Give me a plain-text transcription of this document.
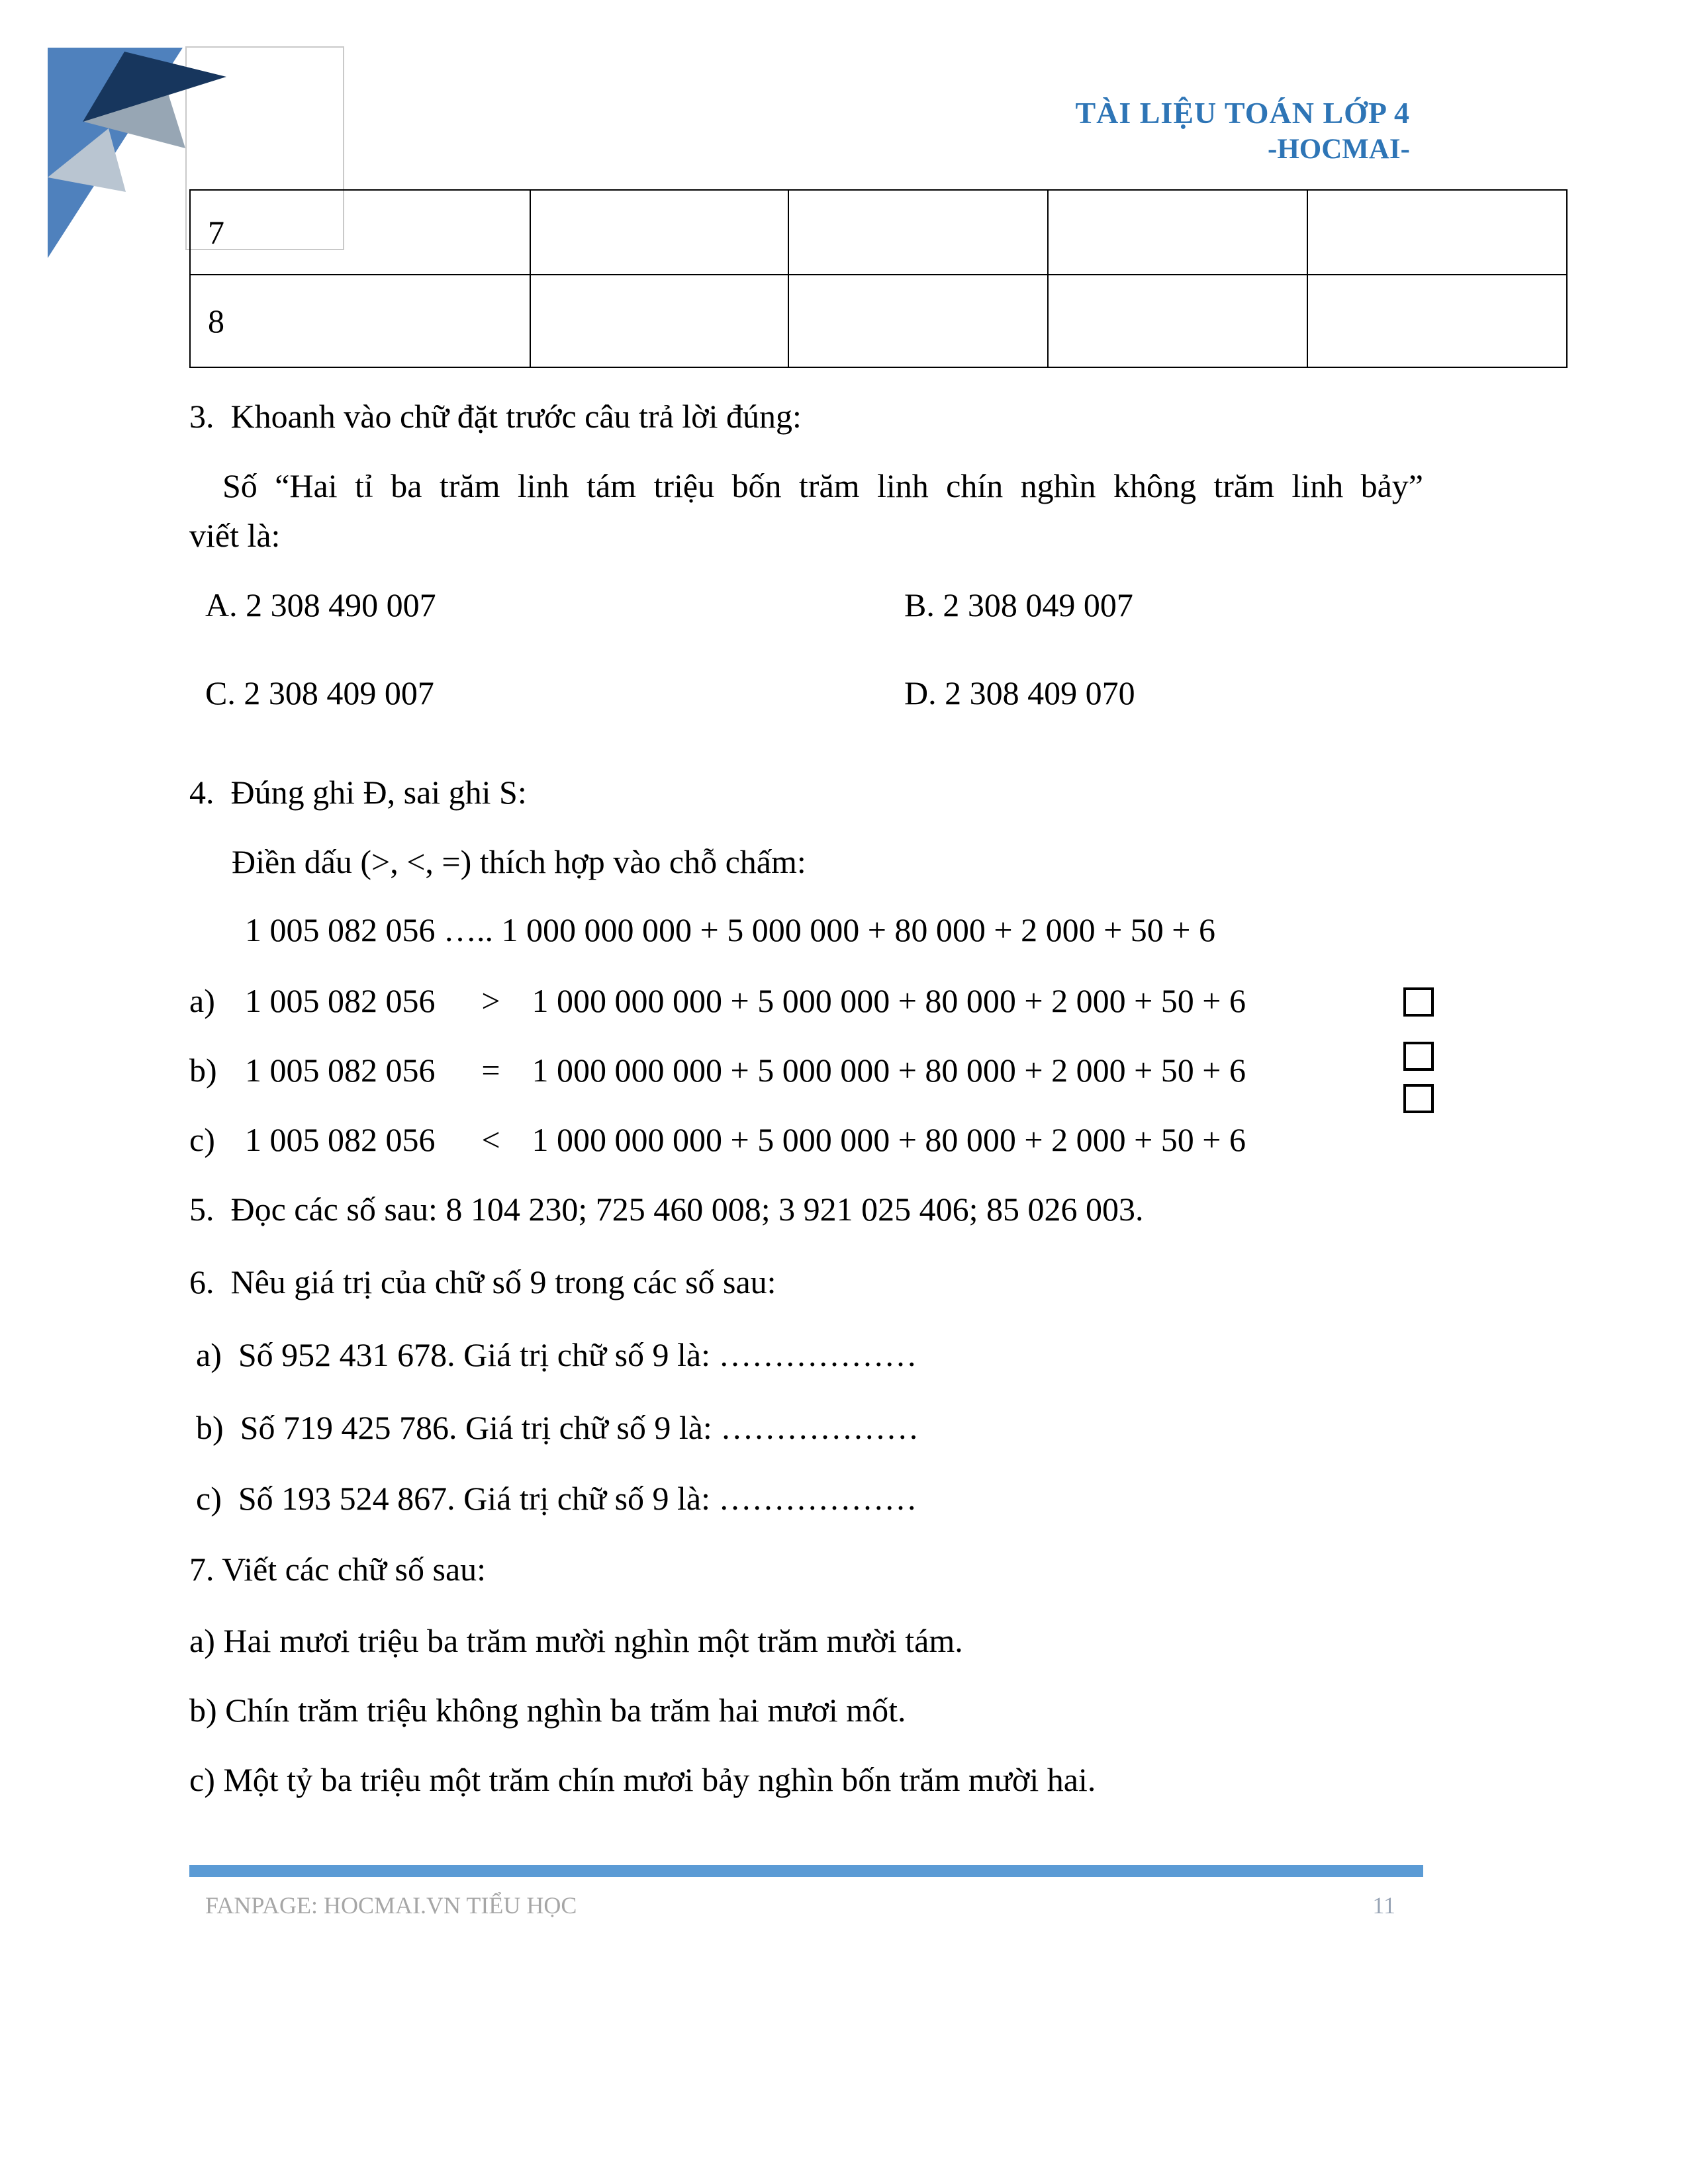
TÀI LIỆU TOÁN LỚP 4
-HOCMAI-
7				
8				
3.  Khoanh vào chữ đặt trước câu trả lời đúng:
Số “Hai tỉ ba trăm linh tám triệu bốn trăm linh chín nghìn không trăm linh bảy”
viết là:
A. 2 308 490 007	B. 2 308 049 007
C. 2 308 409 007	D. 2 308 409 070
4.  Đúng ghi Đ, sai ghi S:
Điền dấu (>, <, =) thích hợp vào chỗ chấm:
1 005 082 056 ….. 1 000 000 000 + 5 000 000 + 80 000 + 2 000 + 50 + 6
a) 1 005 082 056 > 1 000 000 000 + 5 000 000 + 80 000 + 2 000 + 50 + 6
b) 1 005 082 056 = 1 000 000 000 + 5 000 000 + 80 000 + 2 000 + 50 + 6
c) 1 005 082 056 < 1 000 000 000 + 5 000 000 + 80 000 + 2 000 + 50 + 6
5.  Đọc các số sau: 8 104 230; 725 460 008; 3 921 025 406; 85 026 003.
6.  Nêu giá trị của chữ số 9 trong các số sau:
a)  Số 952 431 678. Giá trị chữ số 9 là: ………………
b)  Số 719 425 786. Giá trị chữ số 9 là: ………………
c)  Số 193 524 867. Giá trị chữ số 9 là: ………………
7. Viết các chữ số sau:
a) Hai mươi triệu ba trăm mười nghìn một trăm mười tám.
b) Chín trăm triệu không nghìn ba trăm hai mươi mốt.
c) Một tỷ ba triệu một trăm chín mươi bảy nghìn bốn trăm mười hai.
FANPAGE: HOCMAI.VN TIỂU HỌC	11
